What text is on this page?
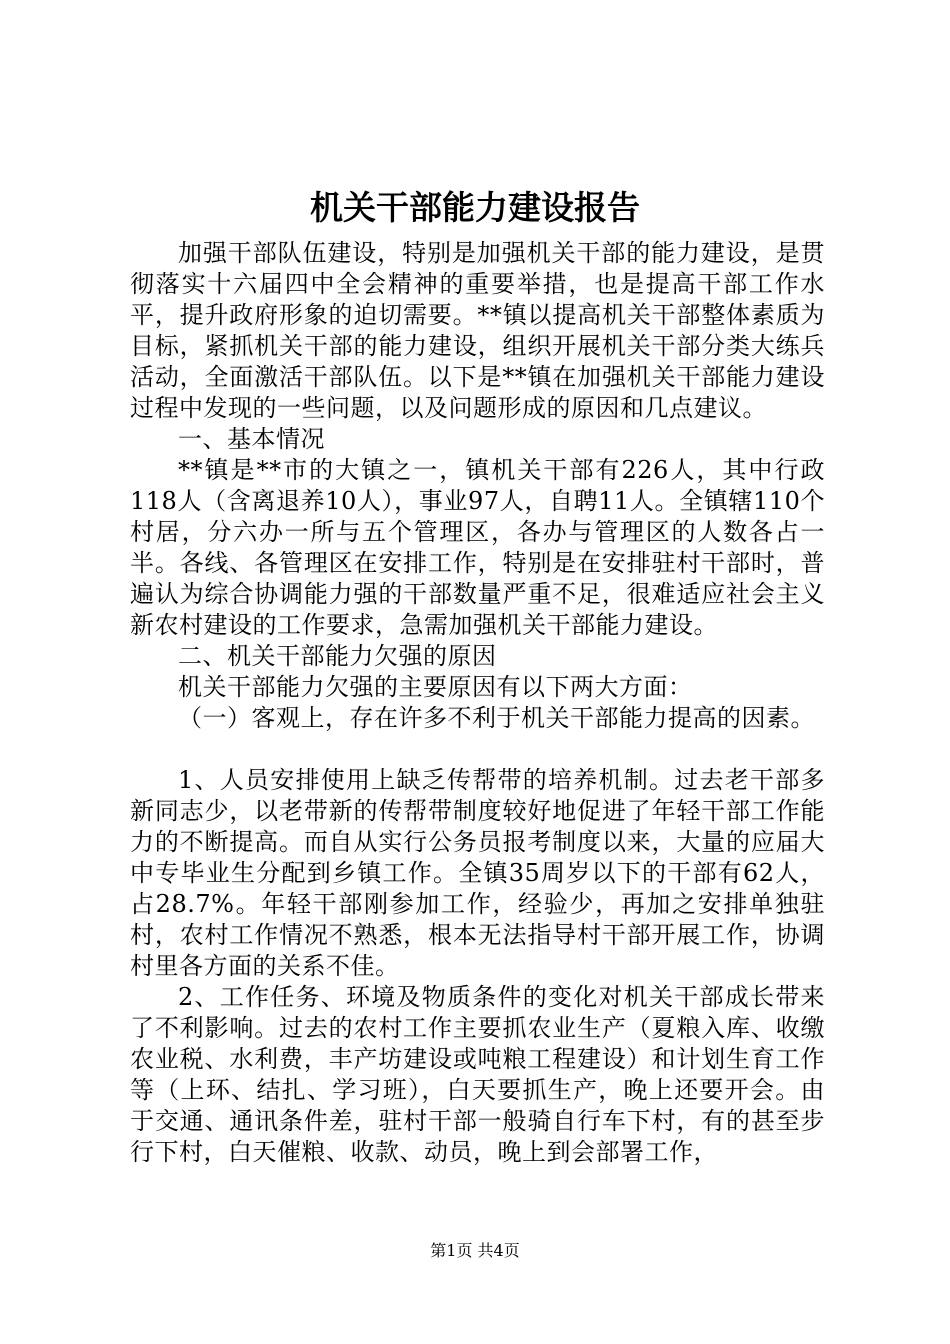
机关干部能力建设报告

加强干部队伍建设，特别是加强机关干部的能力建设，是贯彻落实十六届四中全会精神的重要举措，也是提高干部工作水平，提升政府形象的迫切需要。**镇以提高机关干部整体素质为目标，紧抓机关干部的能力建设，组织开展机关干部分类大练兵活动，全面激活干部队伍。以下是**镇在加强机关干部能力建设过程中发现的一些问题，以及问题形成的原因和几点建议。

一、基本情况

**镇是**市的大镇之一，镇机关干部有226人，其中行政118人（含离退养10人），事业97人，自聘11人。全镇辖110个村居，分六办一所与五个管理区，各办与管理区的人数各占一半。各线、各管理区在安排工作，特别是在安排驻村干部时，普遍认为综合协调能力强的干部数量严重不足，很难适应社会主义新农村建设的工作要求，急需加强机关干部能力建设。

二、机关干部能力欠强的原因

机关干部能力欠强的主要原因有以下两大方面：

（一）客观上，存在许多不利于机关干部能力提高的因素。

1、人员安排使用上缺乏传帮带的培养机制。过去老干部多新同志少，以老带新的传帮带制度较好地促进了年轻干部工作能力的不断提高。而自从实行公务员报考制度以来，大量的应届大中专毕业生分配到乡镇工作。全镇35周岁以下的干部有62人，占28.7%。年轻干部刚参加工作，经验少，再加之安排单独驻村，农村工作情况不熟悉，根本无法指导村干部开展工作，协调村里各方面的关系不佳。

2、工作任务、环境及物质条件的变化对机关干部成长带来了不利影响。过去的农村工作主要抓农业生产（夏粮入库、收缴农业税、水利费，丰产坊建设或吨粮工程建设）和计划生育工作等（上环、结扎、学习班），白天要抓生产，晚上还要开会。由于交通、通讯条件差，驻村干部一般骑自行车下村，有的甚至步行下村，白天催粮、收款、动员，晚上到会部署工作，

第1页 共4页
